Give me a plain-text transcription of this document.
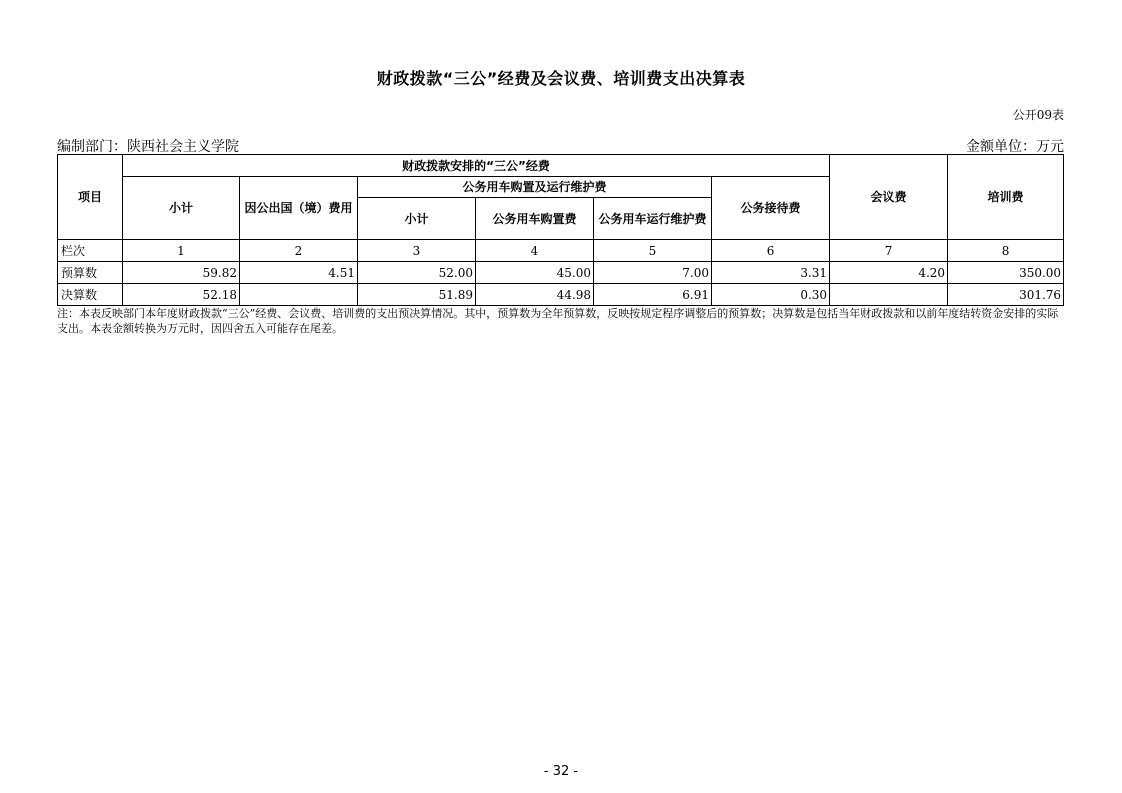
财政拨款“三公”经费及会议费、培训费支出决算表
公开09表
编制部门：陕西社会主义学院	金额单位：万元
项目	财政拨款安排的“三公”经费						会议费	培训费
	小计	因公出国（境）费用	公务用车购置及运行维护费			公务接待费		
			小计	公务用车购置费	公务用车运行维护费			
栏次	1	2	3	4	5	6	7	8
预算数	59.82	4.51	52.00	45.00	7.00	3.31	4.20	350.00
决算数	52.18		51.89	44.98	6.91	0.30		301.76
注：本表反映部门本年度财政拨款“三公”经费、会议费、培训费的支出预决算情况。其中，预算数为全年预算数，反映按规定程序调整后的预算数；决算数是包括当年财政拨款和以前年度结转资金安排的实际支出。本表金额转换为万元时，因四舍五入可能存在尾差。
- 32 -
